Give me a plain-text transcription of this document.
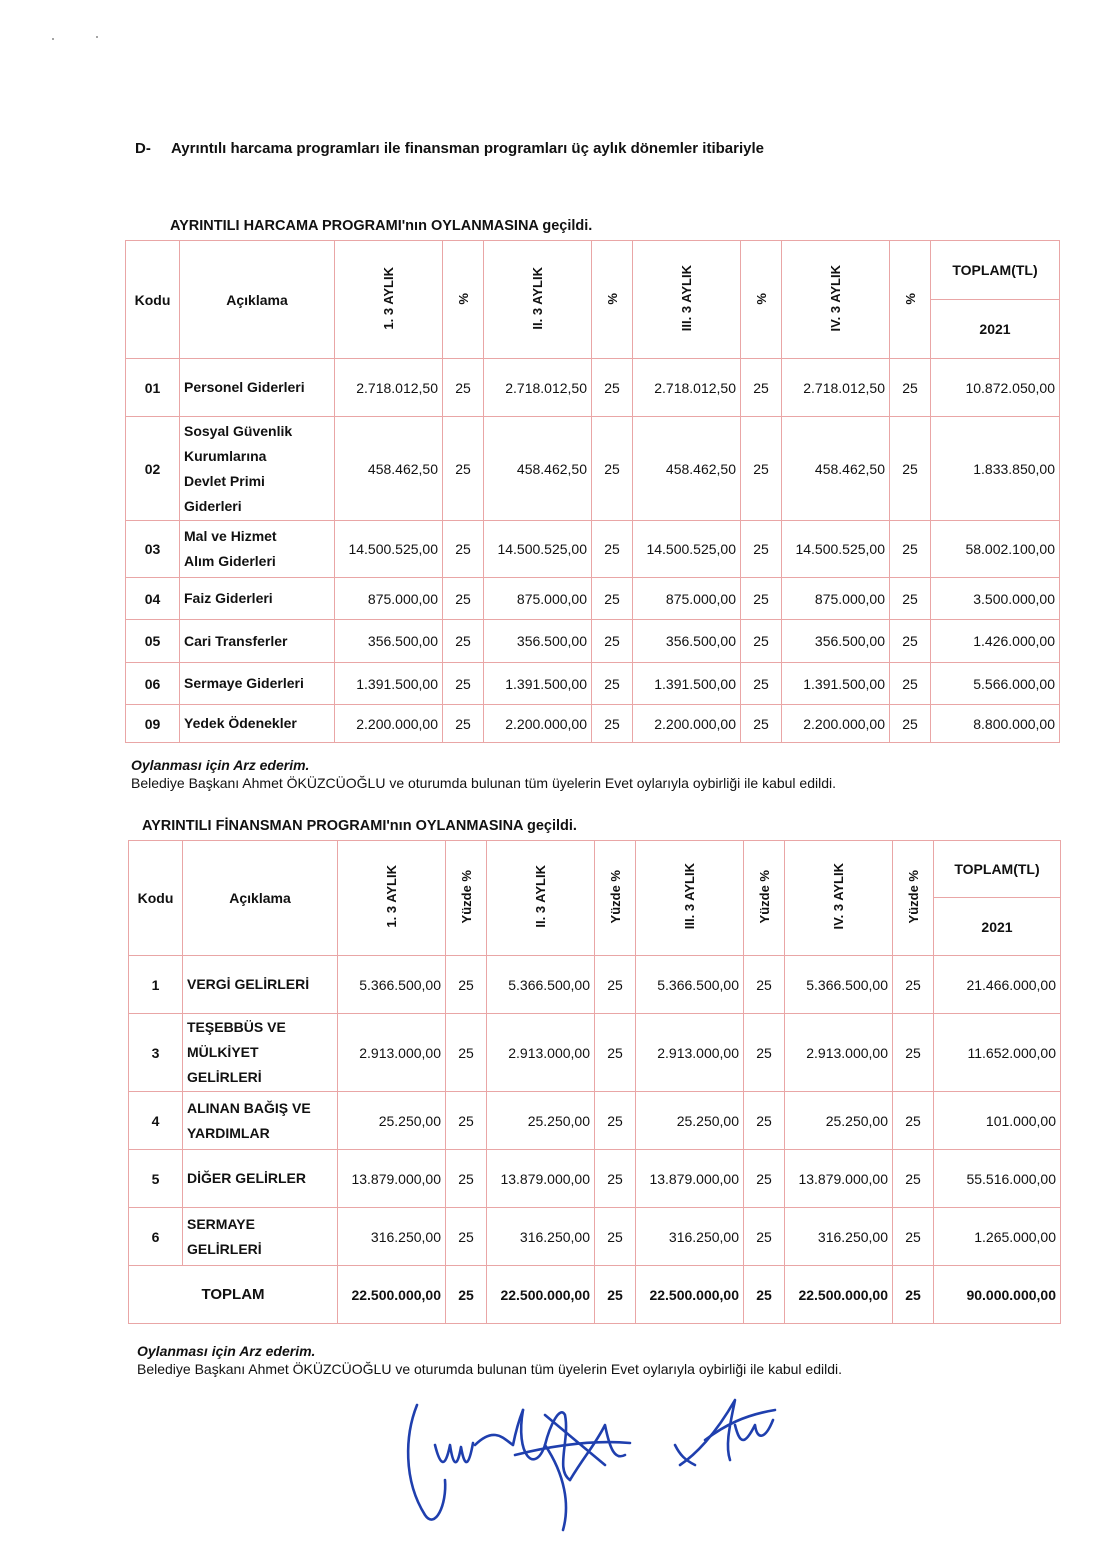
D- Ayrıntılı harcama programları ile finansman programları üç aylık dönemler itibariyle
AYRINTILI HARCAMA PROGRAMI'nın OYLANMASINA geçildi.
Kodu	Açıklama	1. 3 AYLIK	%	II. 3 AYLIK	%	III. 3 AYLIK	%	IV. 3 AYLIK	%	TOPLAM(TL)
										2021
01	Personel Giderleri	2.718.012,50	25	2.718.012,50	25	2.718.012,50	25	2.718.012,50	25	10.872.050,00
02	Sosyal Güvenlik
Kurumlarına
Devlet Primi
Giderleri	458.462,50	25	458.462,50	25	458.462,50	25	458.462,50	25	1.833.850,00
03	Mal ve Hizmet
Alım Giderleri	14.500.525,00	25	14.500.525,00	25	14.500.525,00	25	14.500.525,00	25	58.002.100,00
04	Faiz Giderleri	875.000,00	25	875.000,00	25	875.000,00	25	875.000,00	25	3.500.000,00
05	Cari Transferler	356.500,00	25	356.500,00	25	356.500,00	25	356.500,00	25	1.426.000,00
06	Sermaye Giderleri	1.391.500,00	25	1.391.500,00	25	1.391.500,00	25	1.391.500,00	25	5.566.000,00
09	Yedek Ödenekler	2.200.000,00	25	2.200.000,00	25	2.200.000,00	25	2.200.000,00	25	8.800.000,00
Oylanması için Arz ederim.
Belediye Başkanı Ahmet ÖKÜZCÜOĞLU ve oturumda bulunan tüm üyelerin Evet oylarıyla oybirliği ile kabul edildi.
AYRINTILI FİNANSMAN PROGRAMI'nın OYLANMASINA geçildi.
Kodu	Açıklama	1. 3 AYLIK	Yüzde %	II. 3 AYLIK	Yüzde %	III. 3 AYLIK	Yüzde %	IV. 3 AYLIK	Yüzde %	TOPLAM(TL)
										2021
1	VERGİ GELİRLERİ	5.366.500,00	25	5.366.500,00	25	5.366.500,00	25	5.366.500,00	25	21.466.000,00
3	TEŞEBBÜS VE
MÜLKİYET
GELİRLERİ	2.913.000,00	25	2.913.000,00	25	2.913.000,00	25	2.913.000,00	25	11.652.000,00
4	ALINAN BAĞIŞ VE
YARDIMLAR	25.250,00	25	25.250,00	25	25.250,00	25	25.250,00	25	101.000,00
5	DİĞER GELİRLER	13.879.000,00	25	13.879.000,00	25	13.879.000,00	25	13.879.000,00	25	55.516.000,00
6	SERMAYE
GELİRLERİ	316.250,00	25	316.250,00	25	316.250,00	25	316.250,00	25	1.265.000,00
TOPLAM		22.500.000,00	25	22.500.000,00	25	22.500.000,00	25	22.500.000,00	25	90.000.000,00
Oylanması için Arz ederim.
Belediye Başkanı Ahmet ÖKÜZCÜOĞLU ve oturumda bulunan tüm üyelerin Evet oylarıyla oybirliği ile kabul edildi.
